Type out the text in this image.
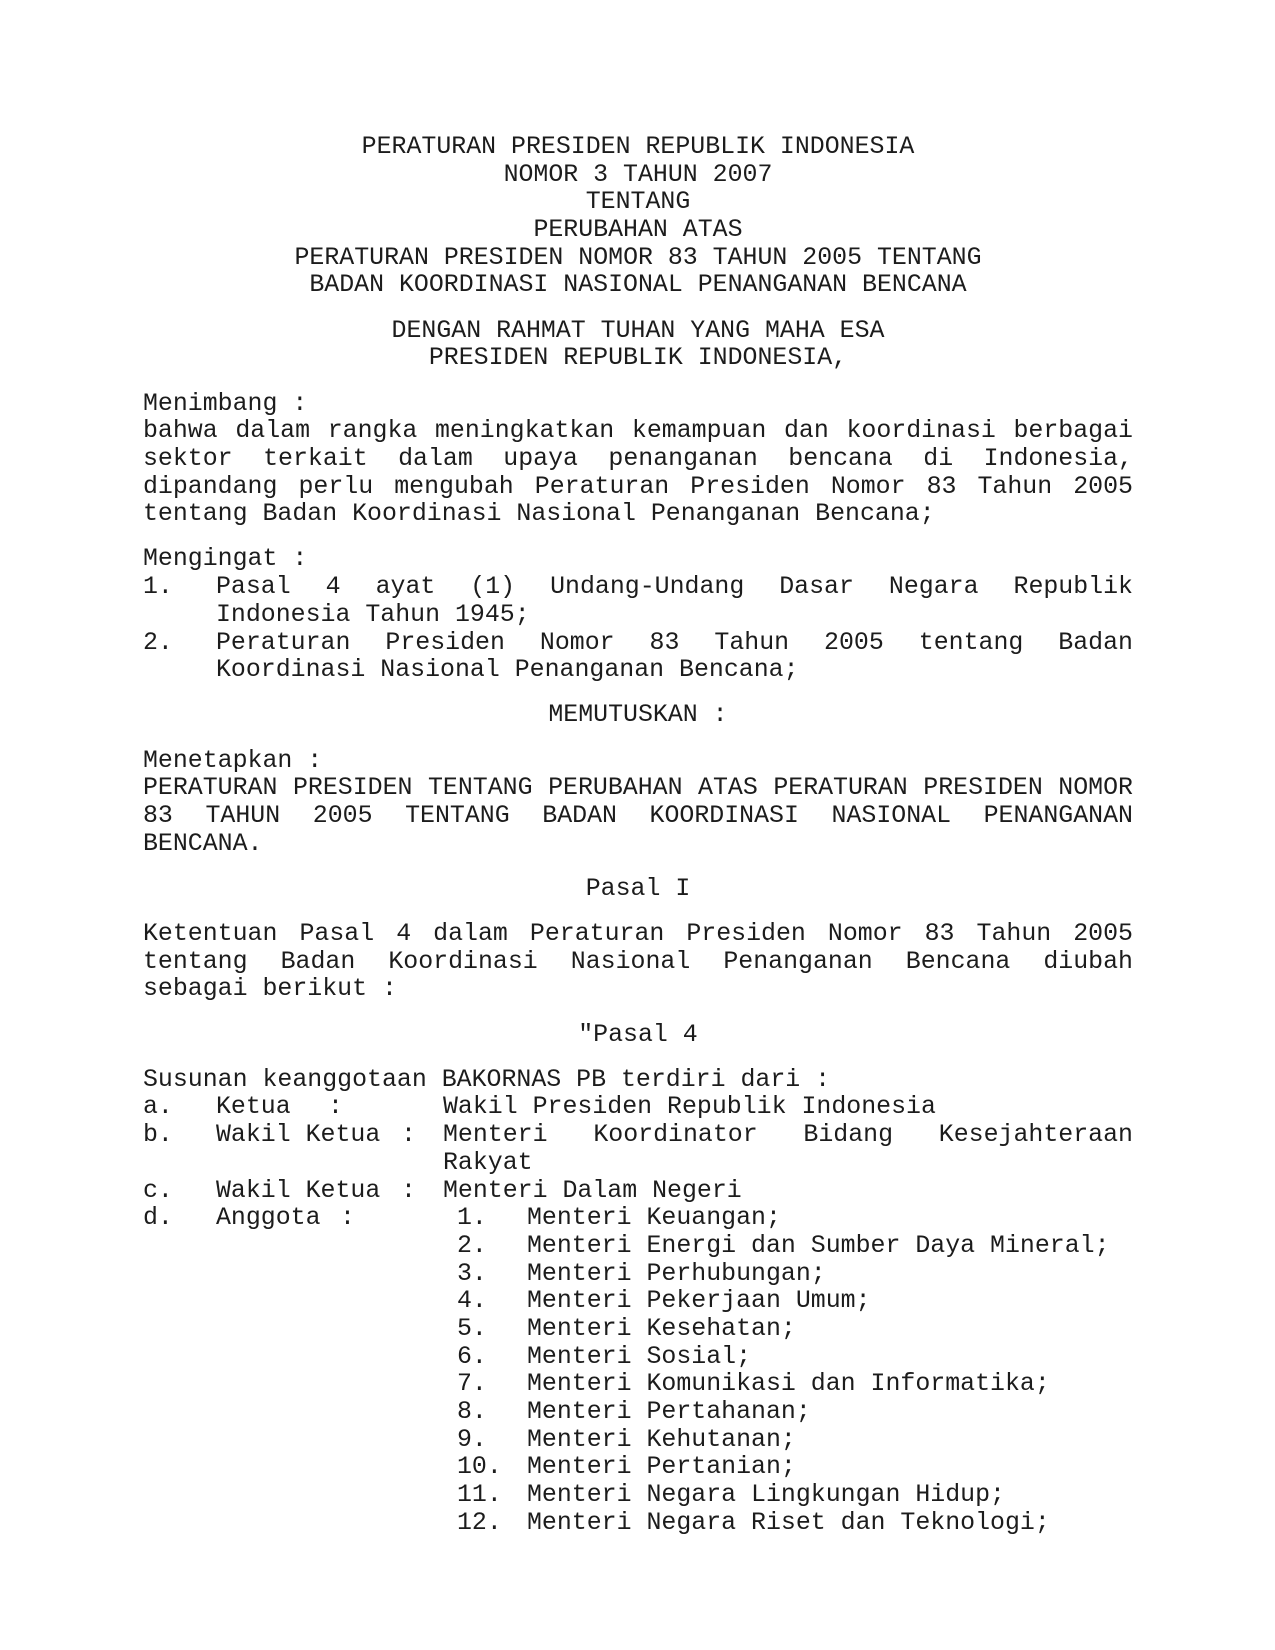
PERATURAN PRESIDEN REPUBLIK INDONESIA
NOMOR 3 TAHUN 2007
TENTANG
PERUBAHAN ATAS
PERATURAN PRESIDEN NOMOR 83 TAHUN 2005 TENTANG
BADAN KOORDINASI NASIONAL PENANGANAN BENCANA
DENGAN RAHMAT TUHAN YANG MAHA ESA
PRESIDEN REPUBLIK INDONESIA,
Menimbang :
bahwa dalam rangka meningkatkan kemampuan dan koordinasi berbagai
sektor terkait dalam upaya penanganan bencana di Indonesia,
dipandang perlu mengubah Peraturan Presiden Nomor 83 Tahun 2005
tentang Badan Koordinasi Nasional Penanganan Bencana;
Mengingat :
1. Pasal 4 ayat (1) Undang-Undang Dasar Negara Republik
Indonesia Tahun 1945;
2. Peraturan Presiden Nomor 83 Tahun 2005 tentang Badan
Koordinasi Nasional Penanganan Bencana;
MEMUTUSKAN :
Menetapkan :
PERATURAN PRESIDEN TENTANG PERUBAHAN ATAS PERATURAN PRESIDEN NOMOR
83 TAHUN 2005 TENTANG BADAN KOORDINASI NASIONAL PENANGANAN
BENCANA.
Pasal I
Ketentuan Pasal 4 dalam Peraturan Presiden Nomor 83 Tahun 2005
tentang Badan Koordinasi Nasional Penanganan Bencana diubah
sebagai berikut :
"Pasal 4
Susunan keanggotaan BAKORNAS PB terdiri dari :
a. Ketua :	Wakil Presiden Republik Indonesia
b. Wakil Ketua : Menteri Koordinator Bidang Kesejahteraan
Rakyat
c. Wakil Ketua : Menteri Dalam Negeri
d. Anggota :	1. Menteri Keuangan;
2. Menteri Energi dan Sumber Daya Mineral;
3. Menteri Perhubungan;
4. Menteri Pekerjaan Umum;
5. Menteri Kesehatan;
6. Menteri Sosial;
7. Menteri Komunikasi dan Informatika;
8. Menteri Pertahanan;
9. Menteri Kehutanan;
10. Menteri Pertanian;
11. Menteri Negara Lingkungan Hidup;
12. Menteri Negara Riset dan Teknologi;
